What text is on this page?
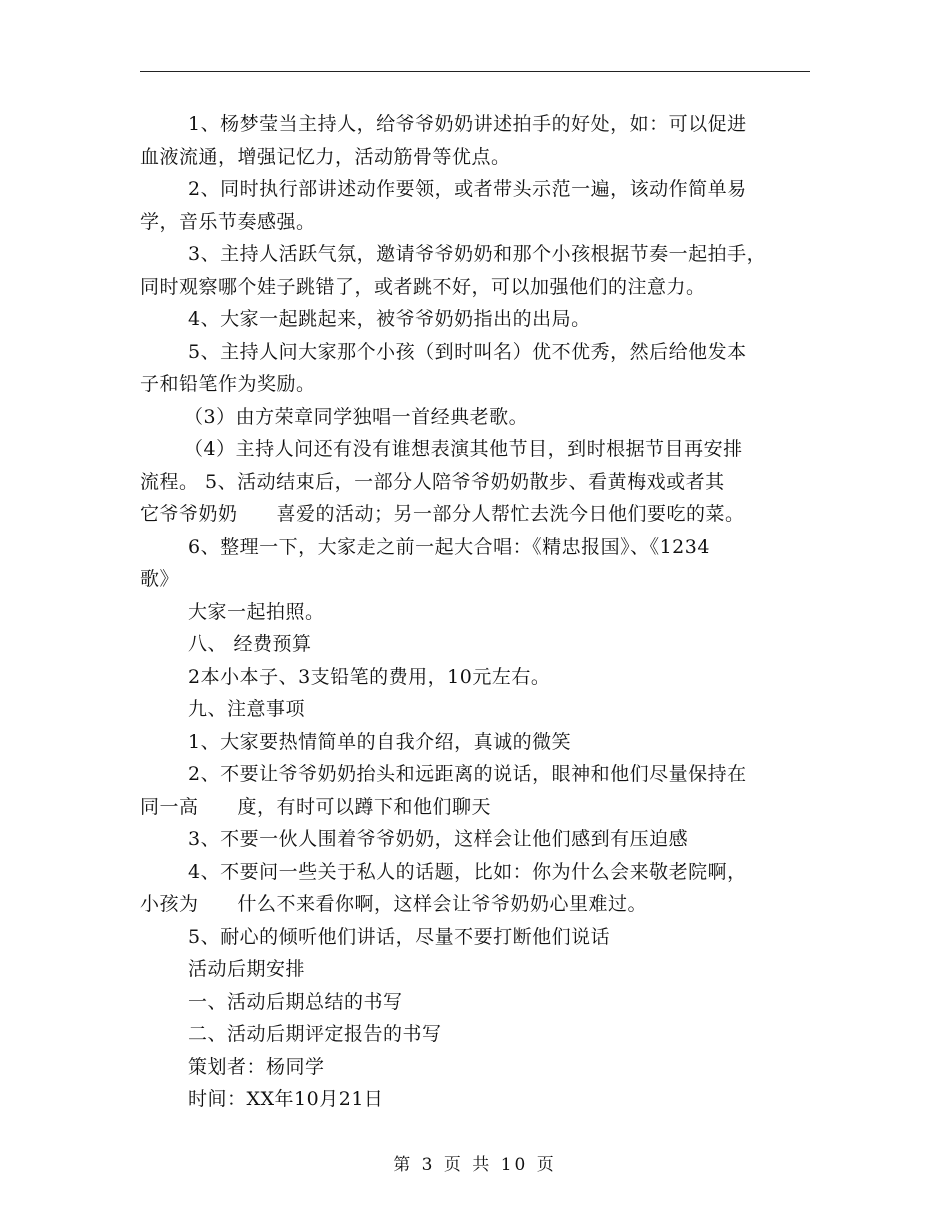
1、杨梦莹当主持人，给爷爷奶奶讲述拍手的好处，如：可以促进
血液流通，增强记忆力，活动筋骨等优点。

2、同时执行部讲述动作要领，或者带头示范一遍，该动作简单易
学，音乐节奏感强。

3、主持人活跃气氛，邀请爷爷奶奶和那个小孩根据节奏一起拍手，
同时观察哪个娃子跳错了，或者跳不好，可以加强他们的注意力。

4、大家一起跳起来，被爷爷奶奶指出的出局。

5、主持人问大家那个小孩（到时叫名）优不优秀，然后给他发本
子和铅笔作为奖励。

（3）由方荣章同学独唱一首经典老歌。

（4）主持人问还有没有谁想表演其他节目，到时根据节目再安排
流程。 5、活动结束后，一部分人陪爷爷奶奶散步、看黄梅戏或者其
它爷爷奶奶　　喜爱的活动；另一部分人帮忙去洗今日他们要吃的菜。

6、整理一下，大家走之前一起大合唱：《精忠报国》、《1234
歌》

大家一起拍照。

八、 经费预算

2本小本子、3支铅笔的费用，10元左右。

九、注意事项

1、大家要热情简单的自我介绍，真诚的微笑

2、不要让爷爷奶奶抬头和远距离的说话，眼神和他们尽量保持在
同一高　　度，有时可以蹲下和他们聊天

3、不要一伙人围着爷爷奶奶，这样会让他们感到有压迫感

4、不要问一些关于私人的话题，比如：你为什么会来敬老院啊，
小孩为　　什么不来看你啊，这样会让爷爷奶奶心里难过。

5、耐心的倾听他们讲话，尽量不要打断他们说话

活动后期安排

一、活动后期总结的书写

二、活动后期评定报告的书写

策划者：杨同学

时间：XX年10月21日

第 3 页 共 10 页
